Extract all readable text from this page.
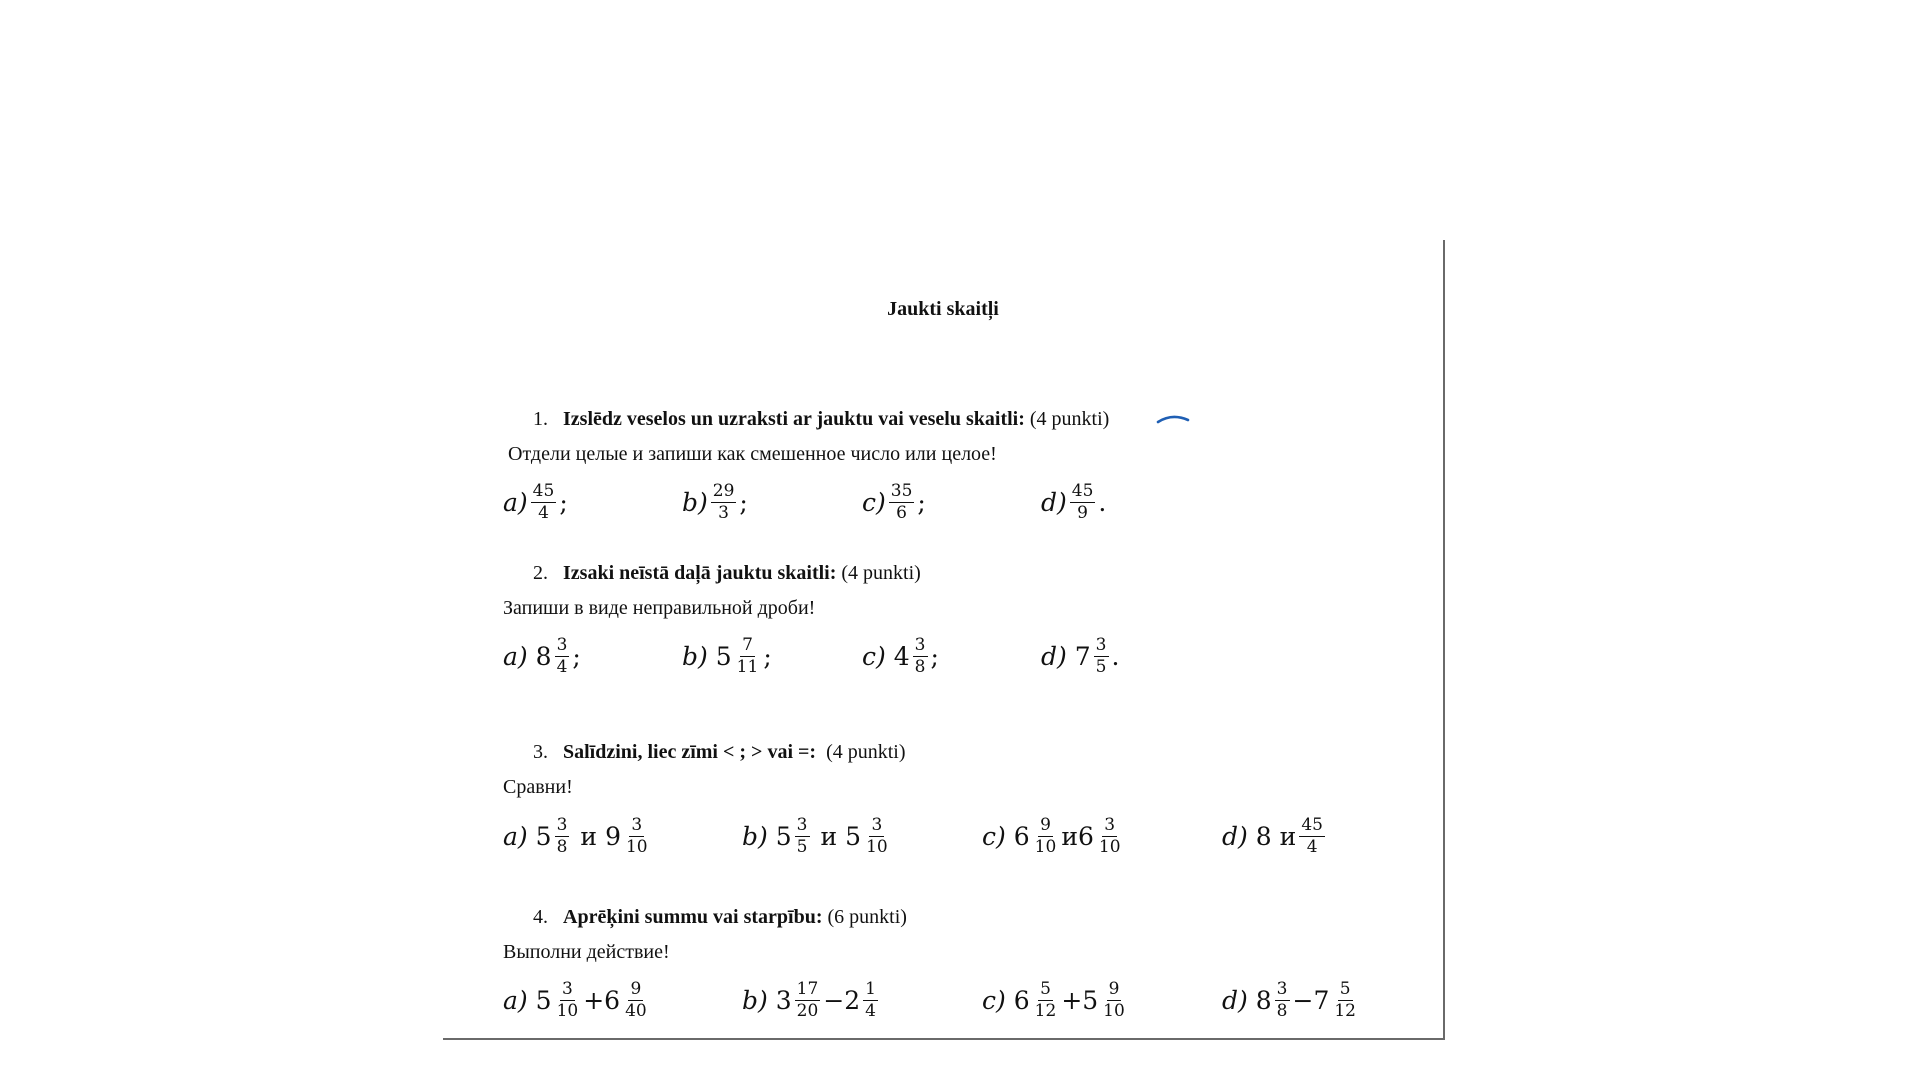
Jaukti skaitļi
1. Izslēdz veselos un uzraksti ar jauktu vai veselu skaitli: (4 punkti)
Отдели целые и запиши как смешенное число или целое!
$a) \frac{45}{4}$ ;	$b) \frac{29}{3}$ ;	$c) \frac{35}{6}$ ;	$d) \frac{45}{9}$ .
2. Izsaki neīstā daļā jauktu skaitli: (4 punkti)
Запиши в виде неправильной дроби!
a) $8 \frac{3}{4}$ ;	b) $5 \frac{7}{11}$ ;	c) $4 \frac{3}{8}$ ;	d) $7 \frac{3}{5}$ .
3. Salīdzini, liec zīmi < ; > vai =: (4 punkti)
Сравни!
a) $5 \frac{3}{8}$ и $9 \frac{3}{10}$	b) $5 \frac{3}{5}$ и $5 \frac{3}{10}$	c) $6 \frac{9}{10}$ и $6 \frac{3}{10}$	d) 8 и $\frac{45}{4}$
4. Aprēķini summu vai starpību: (6 punkti)
Выполни действие!
a) $5 \frac{3}{10} + 6 \frac{9}{40}$	b) $3 \frac{17}{20} - 2 \frac{1}{4}$	c) $6 \frac{5}{12} + 5 \frac{9}{10}$	d) $8 \frac{3}{8} - 7 \frac{5}{12}$
